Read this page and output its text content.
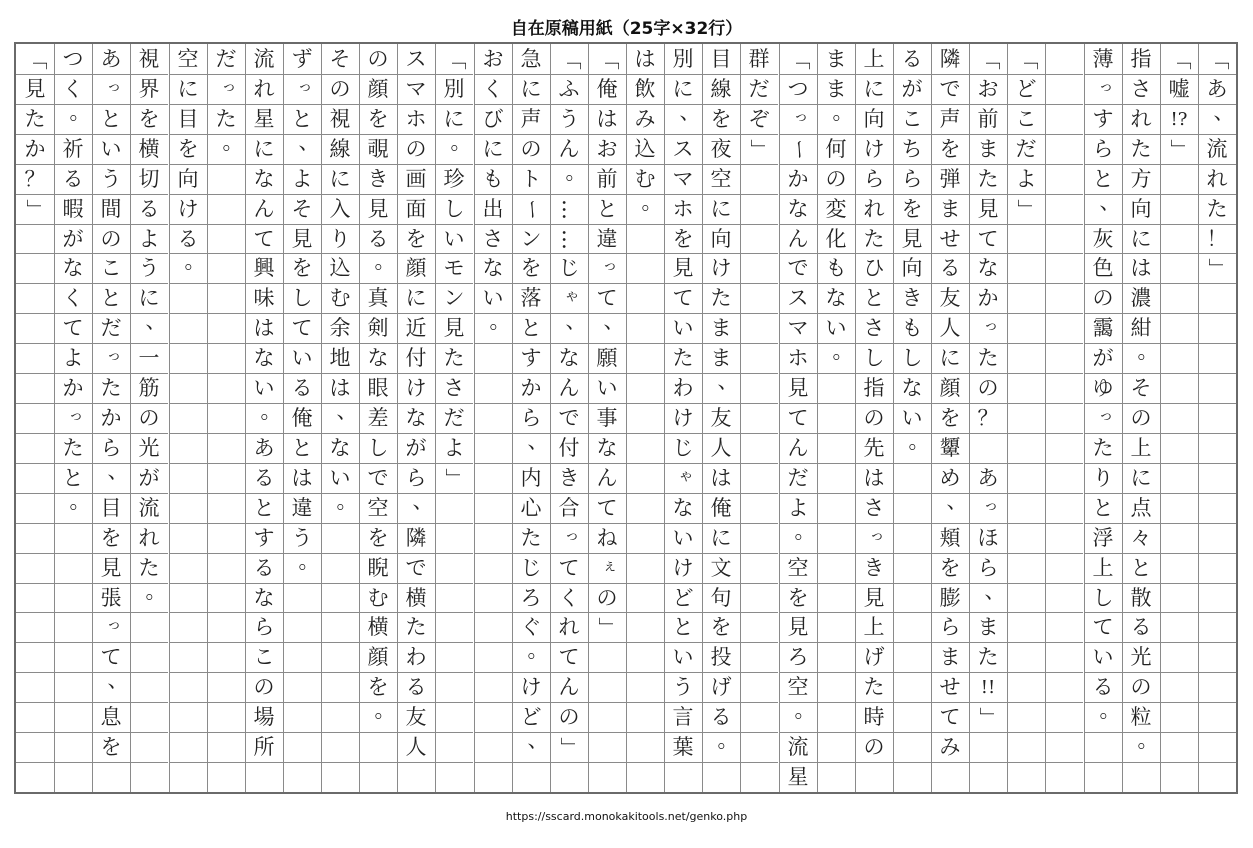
自在原稿用紙（25字×32行）
「
あ
、
流
れ
た
！
」
「
嘘
!?
」
指
さ
れ
た
方
向
に
は
濃
紺
。
そ
の
上
に
点
々
と
散
る
光
の
粒
。
薄
っ
す
ら
と
、
灰
色
の
靄
が
ゆ
っ
た
り
と
浮
上
し
て
い
る
。
「
ど
こ
だ
よ
」
「
お
前
ま
た
見
て
な
か
っ
た
の
？
あ
っ
ほ
ら
、
ま
た
!!
」
隣
で
声
を
弾
ま
せ
る
友
人
に
顔
を
顰
め
、
頬
を
膨
ら
ま
せ
て
み
る
が
こ
ち
ら
を
見
向
き
も
し
な
い
。
上
に
向
け
ら
れ
た
ひ
と
さ
し
指
の
先
は
さ
っ
き
見
上
げ
た
時
の
ま
ま
。
何
の
変
化
も
な
い
。
「
つ
っ
ー
か
な
ん
で
ス
マ
ホ
見
て
ん
だ
よ
。
空
を
見
ろ
空
。
流
星
群
だ
ぞ
」
目
線
を
夜
空
に
向
け
た
ま
ま
、
友
人
は
俺
に
文
句
を
投
げ
る
。
別
に
、
ス
マ
ホ
を
見
て
い
た
わ
け
じ
ゃ
な
い
け
ど
と
い
う
言
葉
は
飲
み
込
む
。
「
俺
は
お
前
と
違
っ
て
、
願
い
事
な
ん
て
ね
ぇ
の
」
「
ふ
う
ん
。
…
…
じ
ゃ
、
な
ん
で
付
き
合
っ
て
く
れ
て
ん
の
」
急
に
声
の
ト
ー
ン
を
落
と
す
か
ら
、
内
心
た
じ
ろ
ぐ
。
け
ど
、
お
く
び
に
も
出
さ
な
い
。
「
別
に
。
珍
し
い
モ
ン
見
た
さ
だ
よ
」
ス
マ
ホ
の
画
面
を
顔
に
近
付
け
な
が
ら
、
隣
で
横
た
わ
る
友
人
の
顔
を
覗
き
見
る
。
真
剣
な
眼
差
し
で
空
を
睨
む
横
顔
を
。
そ
の
視
線
に
入
り
込
む
余
地
は
、
な
い
。
ず
っ
と
、
よ
そ
見
を
し
て
い
る
俺
と
は
違
う
。
流
れ
星
に
な
ん
て
興
味
は
な
い
。
あ
る
と
す
る
な
ら
こ
の
場
所
だ
っ
た
。
空
に
目
を
向
け
る
。
視
界
を
横
切
る
よ
う
に
、
一
筋
の
光
が
流
れ
た
。
あ
っ
と
い
う
間
の
こ
と
だ
っ
た
か
ら
、
目
を
見
張
っ
て
、
息
を
つ
く
。
祈
る
暇
が
な
く
て
よ
か
っ
た
と
。
「
見
た
か
？
」
https://sscard.monokakitools.net/genko.php
